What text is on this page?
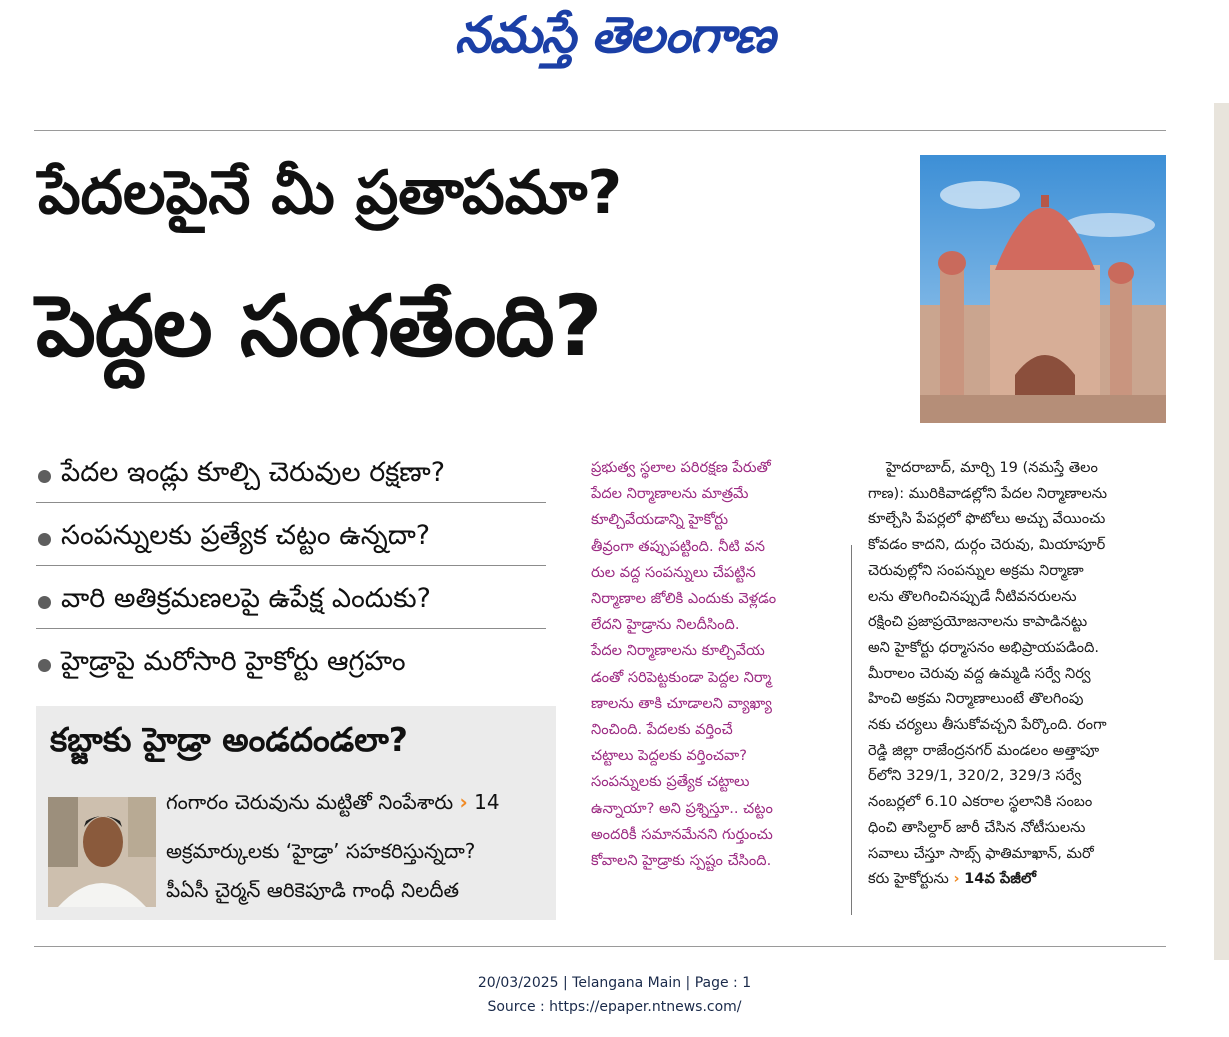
నమస్తే తెలంగాణ
పేదలపైనే మీ ప్రతాపమా?
పెద్దల సంగతేంది?
పేదల ఇండ్లు కూల్చి చెరువుల రక్షణా?
సంపన్నులకు ప్రత్యేక చట్టం ఉన్నదా?
వారి అతిక్రమణలపై ఉపేక్ష ఎందుకు?
హైడ్రాపై మరోసారి హైకోర్టు ఆగ్రహం
కబ్జాకు హైడ్రా అండదండలా?
గంగారం చెరువును మట్టితో నింపేశారు › 14
అక్రమార్కులకు ‘హైడ్రా’ సహకరిస్తున్నదా?
పీఏసీ చైర్మన్ ఆరికెపూడి గాంధీ నిలదీత
ప్రభుత్వ స్థలాల పరిరక్షణ పేరుతో
పేదల నిర్మాణాలను మాత్రమే
కూల్చివేయడాన్ని హైకోర్టు
తీవ్రంగా తప్పుపట్టింది. నీటి వన
రుల వద్ద సంపన్నులు చేపట్టిన
నిర్మాణాల జోలికి ఎందుకు వెళ్లడం
లేదని హైడ్రాను నిలదీసింది.
పేదల నిర్మాణాలను కూల్చివేయ
డంతో సరిపెట్టకుండా పెద్దల నిర్మా
ణాలను తాకి చూడాలని వ్యాఖ్యా
నించింది. పేదలకు వర్తించే
చట్టాలు పెద్దలకు వర్తించవా?
సంపన్నులకు ప్రత్యేక చట్టాలు
ఉన్నాయా? అని ప్రశ్నిస్తూ.. చట్టం
అందరికీ సమానమేనని గుర్తుంచు
కోవాలని హైడ్రాకు స్పష్టం చేసింది.
హైదరాబాద్, మార్చి 19 (నమస్తే తెలం
గాణ): మురికివాడల్లోని పేదల నిర్మాణాలను
కూల్చేసి పేపర్లలో ఫొటోలు అచ్చు వేయించు
కోవడం కాదని, దుర్గం చెరువు, మియాపూర్
చెరువుల్లోని సంపన్నుల అక్రమ నిర్మాణా
లను తొలగించినప్పుడే నీటివనరులను
రక్షించి ప్రజాప్రయోజనాలను కాపాడినట్టు
అని హైకోర్టు ధర్మాసనం అభిప్రాయపడింది.
మీరాలం చెరువు వద్ద ఉమ్మడి సర్వే నిర్వ
హించి అక్రమ నిర్మాణాలుంటే తొలగింపు
నకు చర్యలు తీసుకోవచ్చని పేర్కొంది. రంగా
రెడ్డి జిల్లా రాజేంద్రనగర్ మండలం అత్తాపూ
ర్‌లోని 329/1, 320/2, 329/3 సర్వే
నంబర్లలో 6.10 ఎకరాల స్థలానికి సంబం
ధించి తాసిల్దార్ జారీ చేసిన నోటీసులను
సవాలు చేస్తూ సాబ్స్ ఫాతిమాఖాన్, మరో
కరు హైకోర్టును › 14వ పేజీలో
20/03/2025 | Telangana Main | Page : 1
Source : https://epaper.ntnews.com/
